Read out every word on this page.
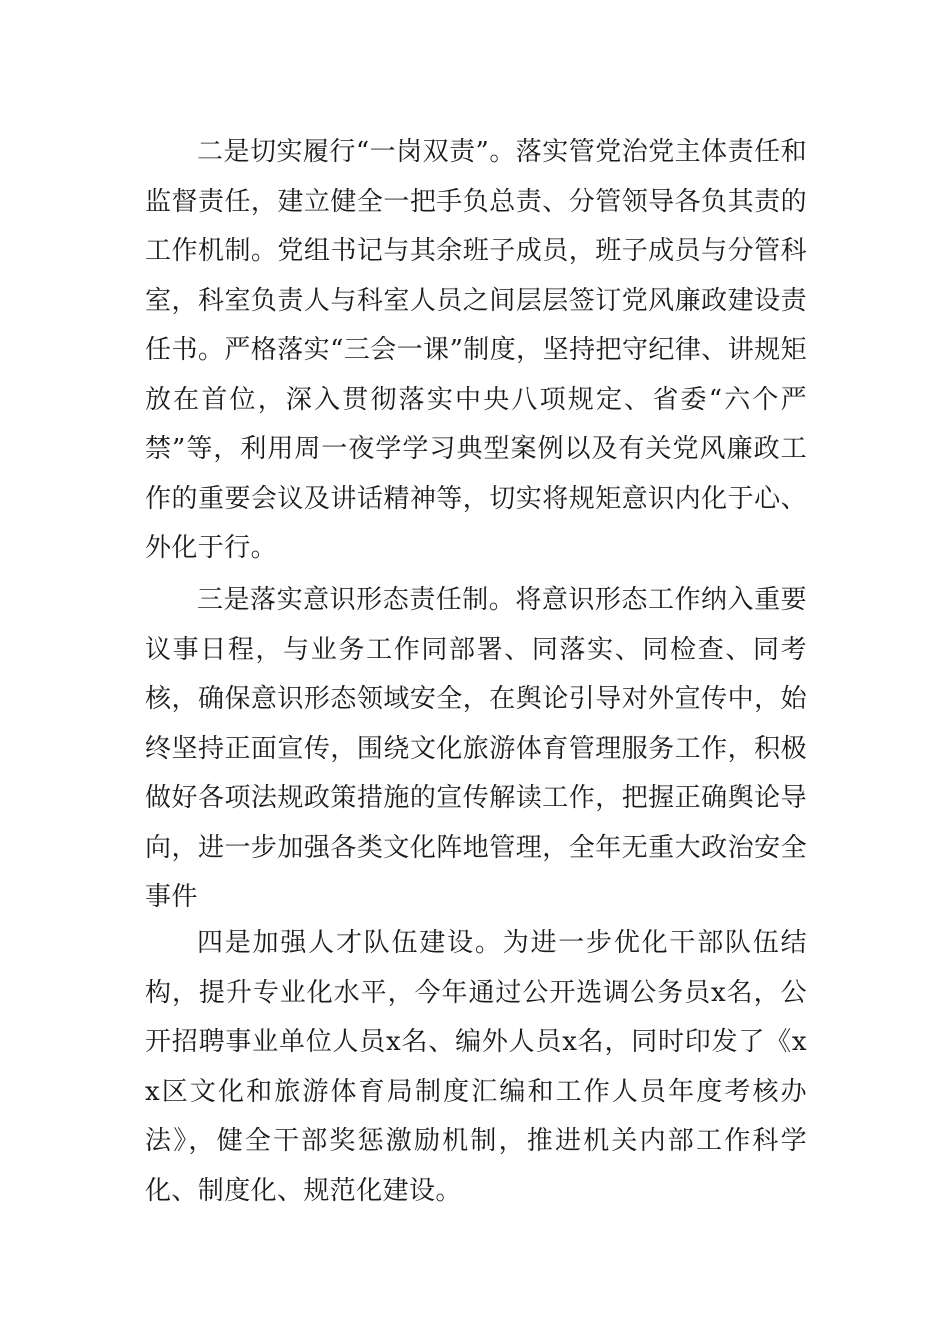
二是切实履行“一岗双责”。落实管党治党主体责任和监督责任，建立健全一把手负总责、分管领导各负其责的工作机制。党组书记与其余班子成员，班子成员与分管科室，科室负责人与科室人员之间层层签订党风廉政建设责任书。严格落实“三会一课”制度，坚持把守纪律、讲规矩放在首位，深入贯彻落实中央八项规定、省委“六个严禁”等，利用周一夜学学习典型案例以及有关党风廉政工作的重要会议及讲话精神等，切实将规矩意识内化于心、外化于行。

三是落实意识形态责任制。将意识形态工作纳入重要议事日程，与业务工作同部署、同落实、同检查、同考核，确保意识形态领域安全，在舆论引导对外宣传中，始终坚持正面宣传，围绕文化旅游体育管理服务工作，积极做好各项法规政策措施的宣传解读工作，把握正确舆论导向，进一步加强各类文化阵地管理，全年无重大政治安全事件

四是加强人才队伍建设。为进一步优化干部队伍结构，提升专业化水平，今年通过公开选调公务员x名，公开招聘事业单位人员x名、编外人员x名，同时印发了《xx区文化和旅游体育局制度汇编和工作人员年度考核办法》，健全干部奖惩激励机制，推进机关内部工作科学化、制度化、规范化建设。
